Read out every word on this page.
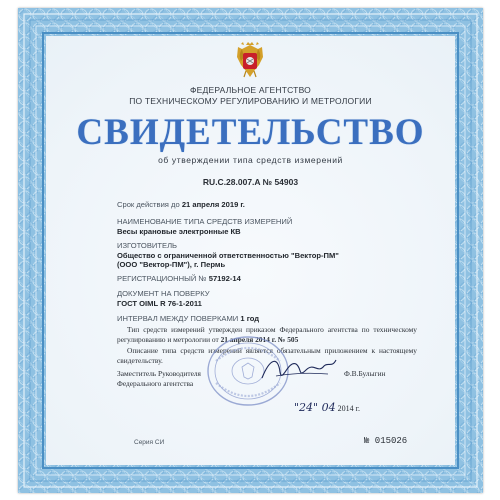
ФЕДЕРАЛЬНОЕ АГЕНТСТВО
ПО ТЕХНИЧЕСКОМУ РЕГУЛИРОВАНИЮ И МЕТРОЛОГИИ
СВИДЕТЕЛЬСТВО
об утверждении типа средств измерений
RU.C.28.007.A № 54903
Срок действия до 21 апреля 2019 г.
НАИМЕНОВАНИЕ ТИПА СРЕДСТВ ИЗМЕРЕНИЙ
Весы крановые электронные КВ
ИЗГОТОВИТЕЛЬ
Общество с ограниченной ответственностью "Вектор-ПМ"
(ООО "Вектор-ПМ"), г. Пермь
РЕГИСТРАЦИОННЫЙ № 57192-14
ДОКУМЕНТ НА ПОВЕРКУ
ГОСТ OIML R 76-1-2011
ИНТЕРВАЛ МЕЖДУ ПОВЕРКАМИ 1 год
Тип средств измерений утвержден приказом Федерального агентства по техническому регулированию и метрологии от 21 апреля 2014 г. № 505
Описание типа средств измерений является обязательным приложением к настоящему свидетельству.
Заместитель Руководителя
Федерального агентства
Ф.В.Булыгин
"24" 04 2014 г.
Серия СИ	№ 015026
